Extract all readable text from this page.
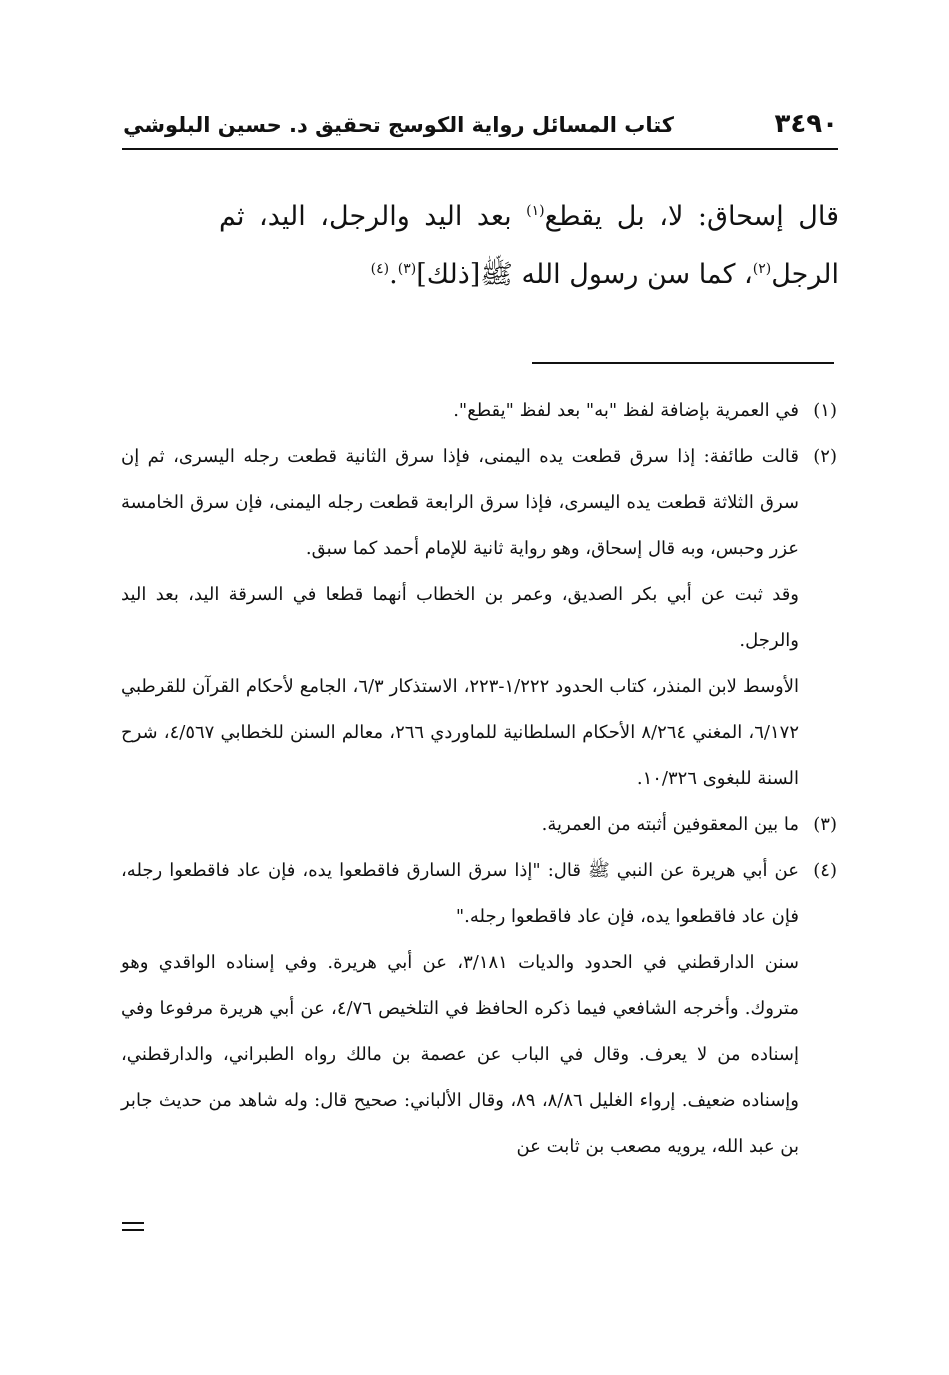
٣٤٩٠
كتاب المسائل رواية الكوسج تحقيق د. حسين البلوشي

قال إسحاق: لا، بل يقطع$^{(١)}$ بعد اليد والرجل، اليد، ثم الرجل$^{(٢)}$، كما سن رسول الله ﷺ[ذلك]$^{(٣)}$.$^{(٤)}$

(١)
في العمرية بإضافة لفظ "به" بعد لفظ "يقطع".
(٢)
قالت طائفة: إذا سرق قطعت يده اليمنى، فإذا سرق الثانية قطعت رجله اليسرى، ثم إن سرق الثلاثة قطعت يده اليسرى، فإذا سرق الرابعة قطعت رجله اليمنى، فإن سرق الخامسة عزر وحبس، وبه قال إسحاق، وهو رواية ثانية للإمام أحمد كما سبق.
وقد ثبت عن أبي بكر الصديق، وعمر بن الخطاب أنهما قطعا في السرقة اليد، بعد اليد والرجل.
الأوسط لابن المنذر، كتاب الحدود ١/٢٢٢-٢٢٣، الاستذكار ٦/٣، الجامع لأحكام القرآن للقرطبي ٦/١٧٢، المغني ٨/٢٦٤ الأحكام السلطانية للماوردي ٢٦٦، معالم السنن للخطابي ٤/٥٦٧، شرح السنة للبغوى ١٠/٣٢٦.
(٣)
ما بين المعقوفين أثبته من العمرية.
(٤)
عن أبي هريرة عن النبي ﷺ قال: "إذا سرق السارق فاقطعوا يده، فإن عاد فاقطعوا رجله، فإن عاد فاقطعوا يده، فإن عاد فاقطعوا رجله."
سنن الدارقطني في الحدود والديات ٣/١٨١، عن أبي هريرة. وفي إسناده الواقدي وهو متروك. وأخرجه الشافعي فيما ذكره الحافظ في التلخيص ٤/٧٦، عن أبي هريرة مرفوعا وفي إسناده من لا يعرف. وقال في الباب عن عصمة بن مالك رواه الطبراني، والدارقطني، وإسناده ضعيف. إرواء الغليل ٨/٨٦، ٨٩، وقال الألباني: صحيح قال: وله شاهد من حديث جابر بن عبد الله، يرويه مصعب بن ثابت عن
